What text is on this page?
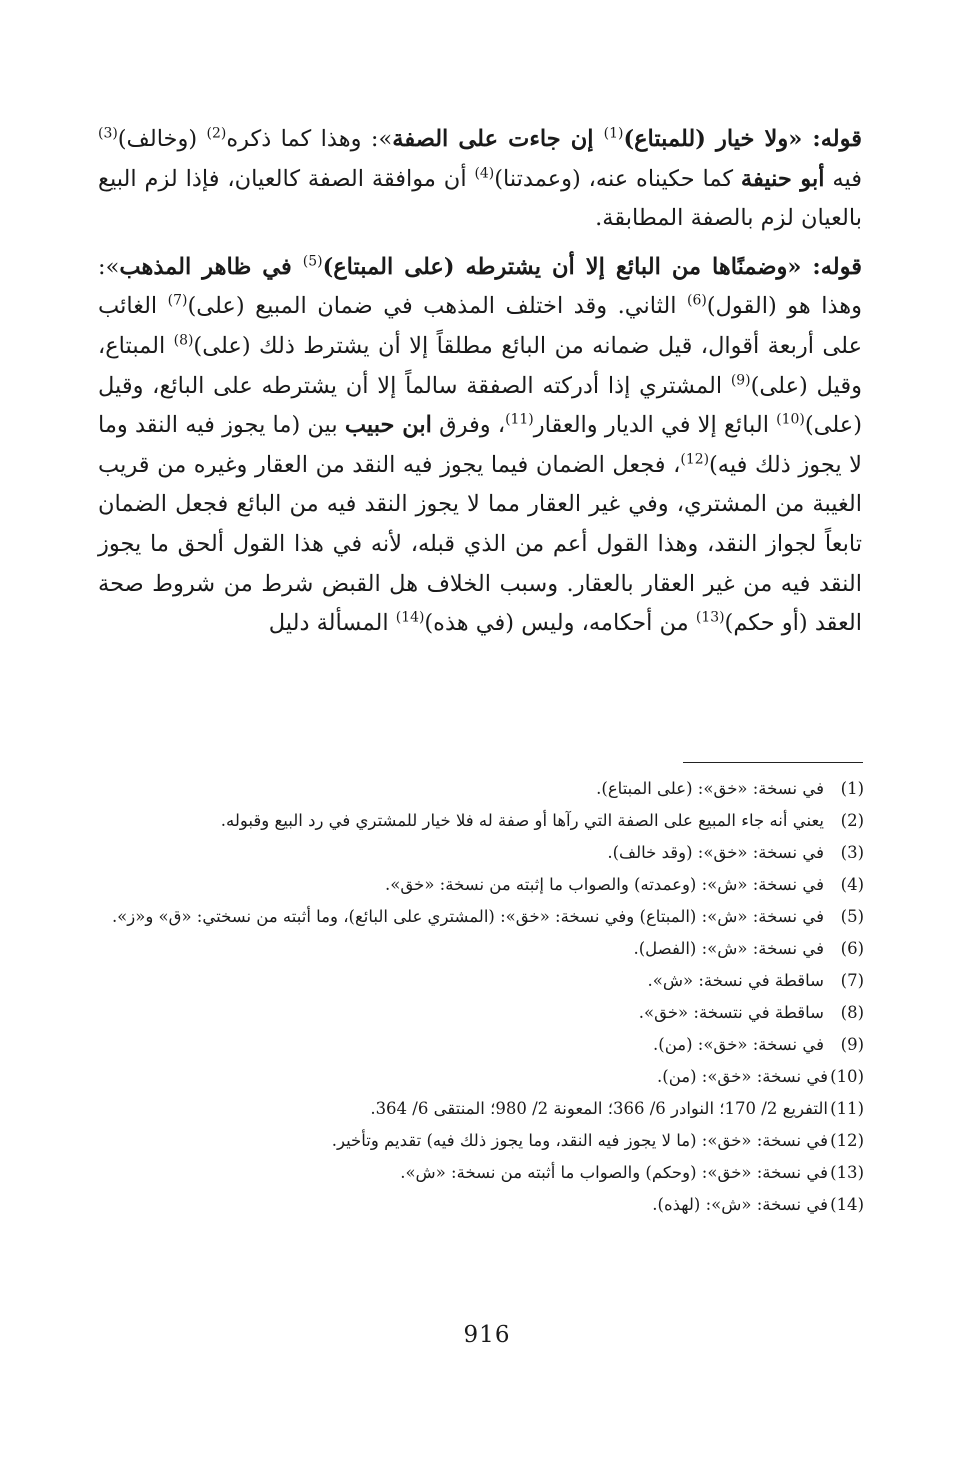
قوله: «ولا خيار (للمبتاع)$^{(1)}$ إن جاءت على الصفة»: وهذا كما ذكره$^{(2)}$ (وخالف)$^{(3)}$ فيه أبو حنيفة كما حكيناه عنه، (وعمدتنا)$^{(4)}$ أن موافقة الصفة كالعيان، فإذا لزم البيع بالعيان لزم بالصفة المطابقة.

قوله: «وضمنًاها من البائع إلا أن يشترطه (على المبتاع)$^{(5)}$ في ظاهر المذهب»: وهذا هو (القول)$^{(6)}$ الثاني. وقد اختلف المذهب في ضمان المبيع (على)$^{(7)}$ الغائب على أربعة أقوال، قيل ضمانه من البائع مطلقاً إلا أن يشترط ذلك (على)$^{(8)}$ المبتاع، وقيل (على)$^{(9)}$ المشتري إذا أدركته الصفقة سالماً إلا أن يشترطه على البائع، وقيل (على)$^{(10)}$ البائع إلا في الديار والعقار$^{(11)}$، وفرق ابن حبيب بين (ما يجوز فيه النقد وما لا يجوز ذلك فيه)$^{(12)}$، فجعل الضمان فيما يجوز فيه النقد من العقار وغيره من قريب الغيبة من المشتري، وفي غير العقار مما لا يجوز النقد فيه من البائع فجعل الضمان تابعاً لجواز النقد، وهذا القول أعم من الذي قبله، لأنه في هذا القول ألحق ما يجوز النقد فيه من غير العقار بالعقار. وسبب الخلاف هل القبض شرط من شروط صحة العقد (أو حكم)$^{(13)}$ من أحكامه، وليس (في هذه)$^{(14)}$ المسألة دليل

(1)
في نسخة: «خق»: (على المبتاع).
(2)
يعني أنه جاء المبيع على الصفة التي رآها أو صفة له فلا خيار للمشتري في رد البيع وقبوله.
(3)
في نسخة: «خق»: (وقد خالف).
(4)
في نسخة: «ش»: (وعمدته) والصواب ما إثبته من نسخة: «خق».
(5)
في نسخة: «ش»: (المبتاع) وفي نسخة: «خق»: (المشتري على البائع)، وما أثبته من نسختي: «ق» و«ز».
(6)
في نسخة: «ش»: (الفصل).
(7)
ساقطة في نسخة: «ش».
(8)
ساقطة في نتسخة: «خق».
(9)
في نسخة: «خق»: (من).
(10)
في نسخة: «خق»: (من).
(11)
التفريع 2/ 170؛ النوادر 6/ 366؛ المعونة 2/ 980؛ المنتقى 6/ 364.
(12)
في نسخة: «خق»: (ما لا يجوز فيه النقد، وما يجوز ذلك فيه) تقديم وتأخير.
(13)
في نسخة: «خق»: (وحكم) والصواب ما أثبته من نسخة: «ش».
(14)
في نسخة: «ش»: (لهذه).
916
